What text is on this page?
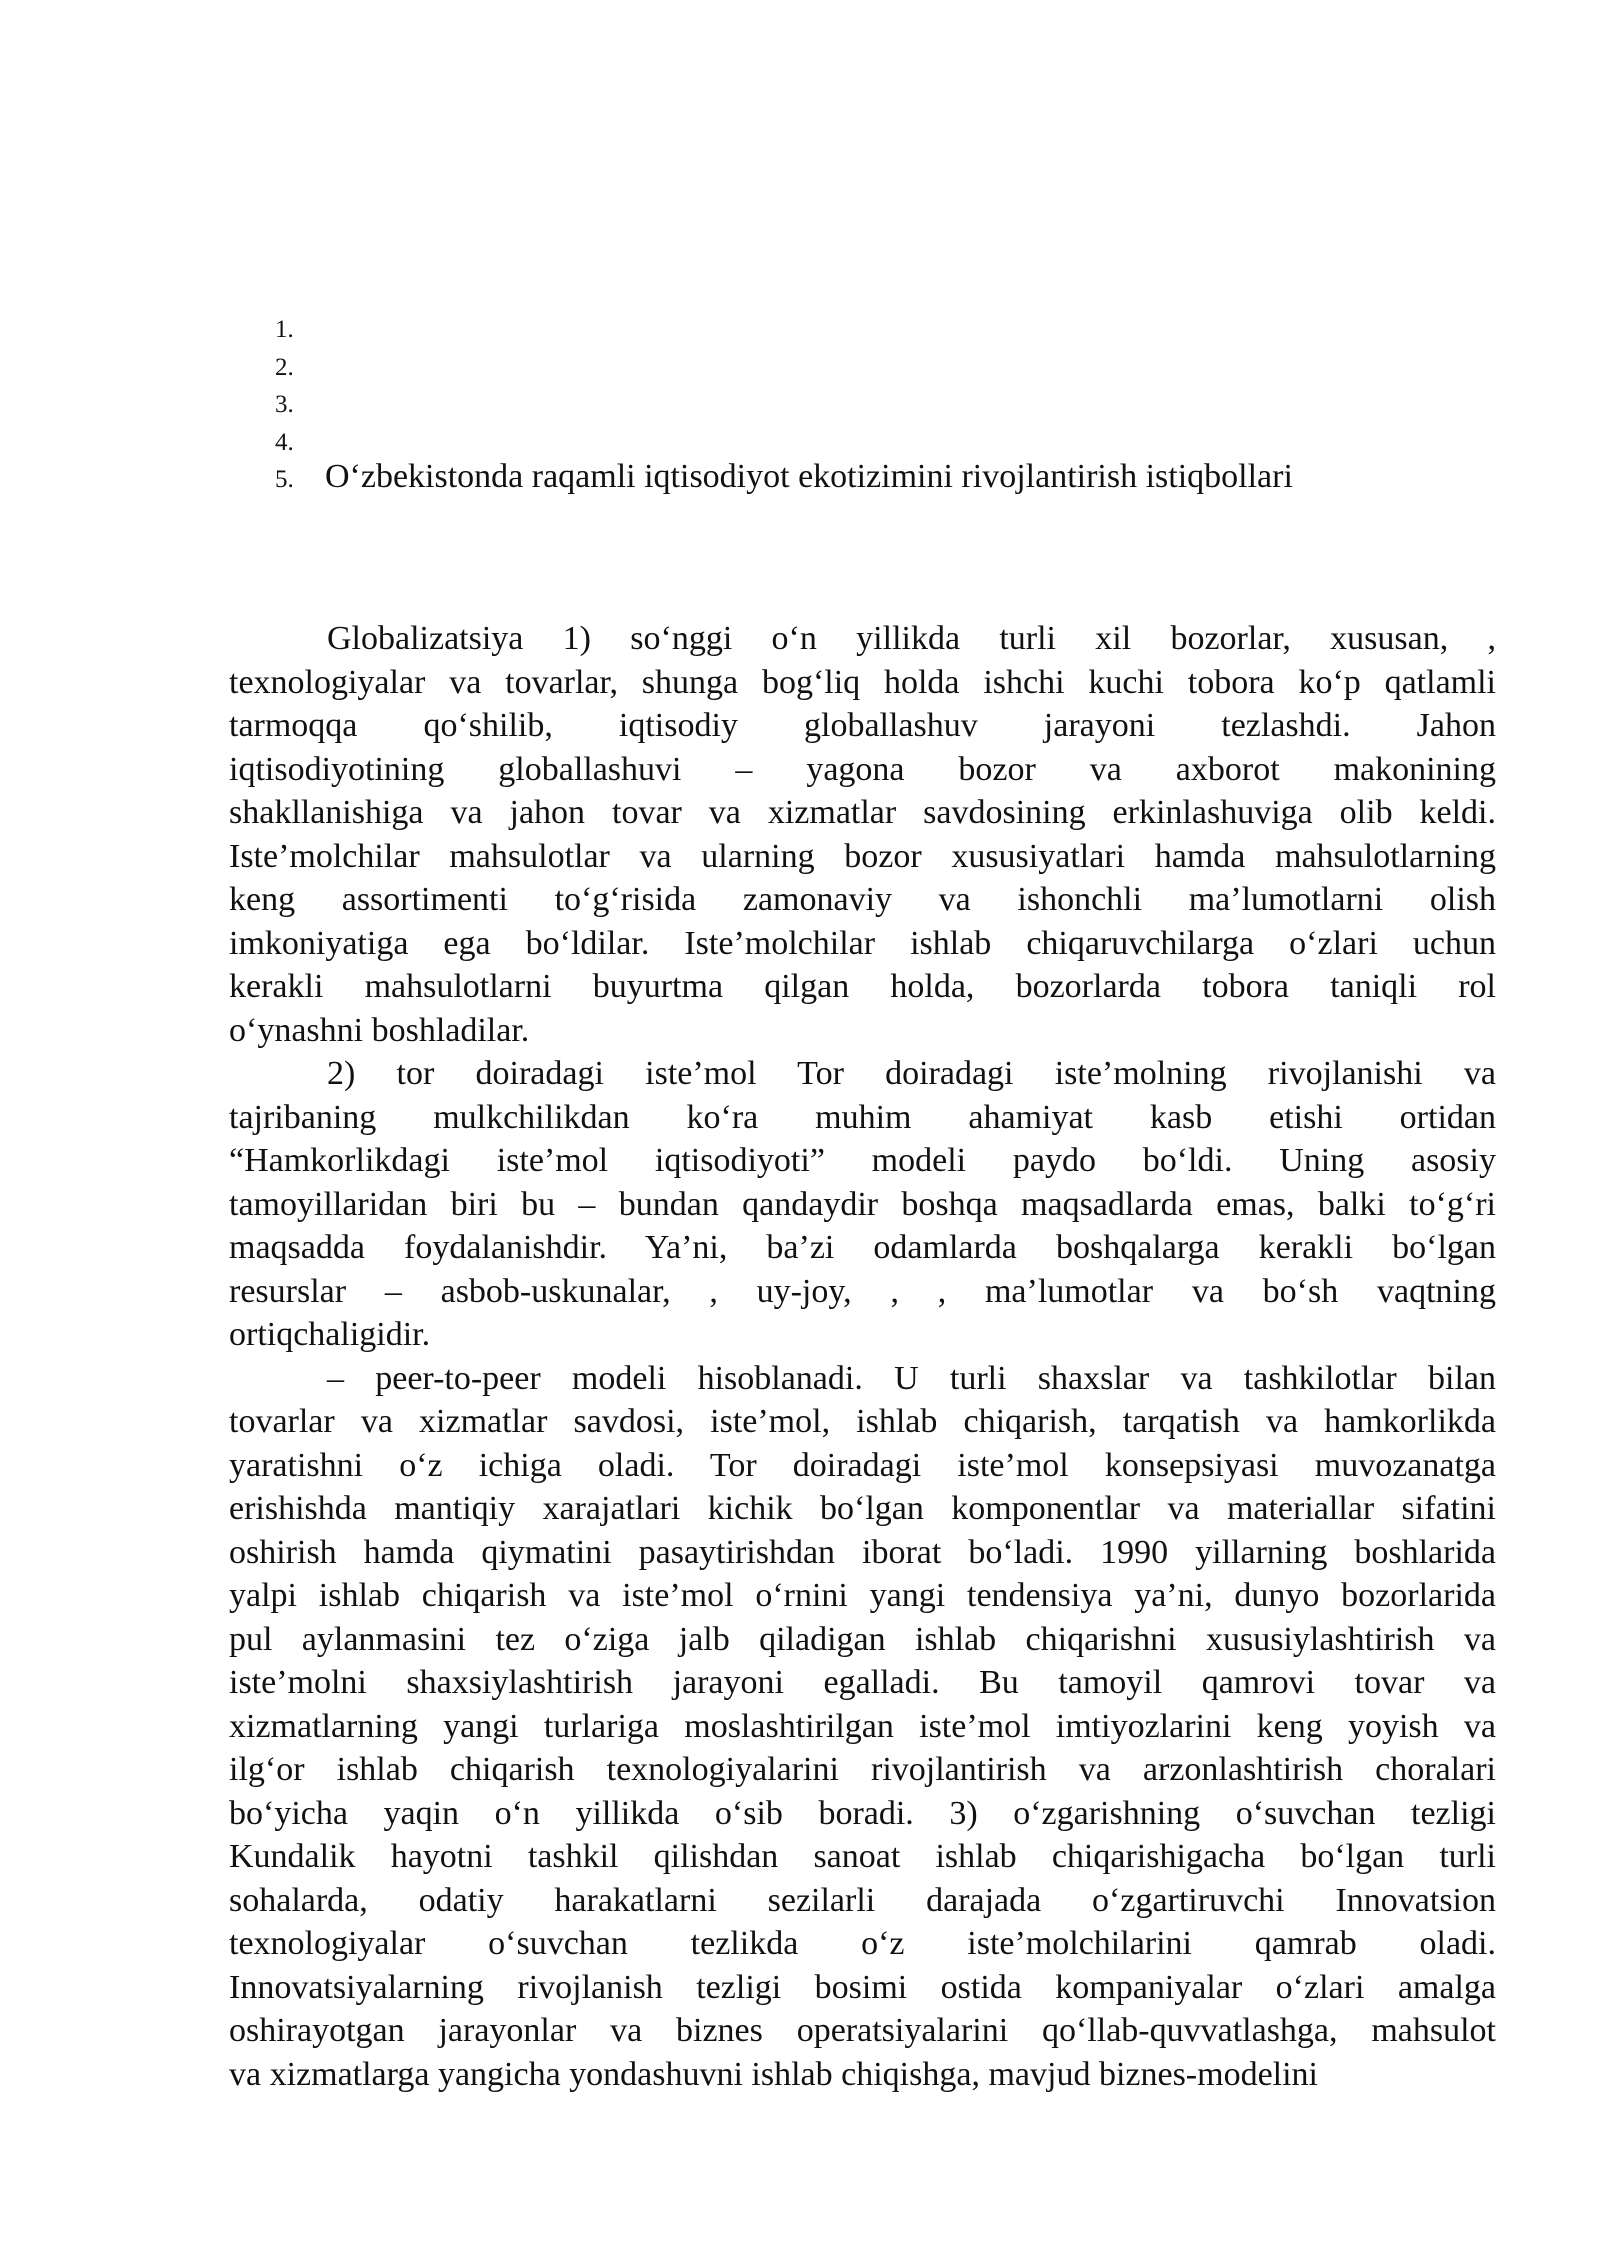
1.
2.
3.
4.
5. O‘zbekistonda raqamli iqtisodiyot ekotizimini rivojlantirish istiqbollari
Globalizatsiya 1) so‘nggi o‘n yillikda turli xil bozorlar, xususan, ,
texnologiyalar va tovarlar, shunga bog‘liq holda ishchi kuchi tobora ko‘p qatlamli
tarmoqqa qo‘shilib, iqtisodiy globallashuv jarayoni tezlashdi. Jahon
iqtisodiyotining globallashuvi – yagona bozor va axborot makonining
shakllanishiga va jahon tovar va xizmatlar savdosining erkinlashuviga olib keldi.
Iste’molchilar mahsulotlar va ularning bozor xususiyatlari hamda mahsulotlarning
keng assortimenti to‘g‘risida zamonaviy va ishonchli ma’lumotlarni olish
imkoniyatiga ega bo‘ldilar. Iste’molchilar ishlab chiqaruvchilarga o‘zlari uchun
kerakli mahsulotlarni buyurtma qilgan holda, bozorlarda tobora taniqli rol
o‘ynashni boshladilar.
2) tor doiradagi iste’mol Tor doiradagi iste’molning rivojlanishi va
tajribaning mulkchilikdan ko‘ra muhim ahamiyat kasb etishi ortidan
“Hamkorlikdagi iste’mol iqtisodiyoti” modeli paydo bo‘ldi. Uning asosiy
tamoyillaridan biri bu – bundan qandaydir boshqa maqsadlarda emas, balki to‘g‘ri
maqsadda foydalanishdir. Ya’ni, ba’zi odamlarda boshqalarga kerakli bo‘lgan
resurslar – asbob-uskunalar, , uy-joy, , , ma’lumotlar va bo‘sh vaqtning
ortiqchaligidir.
– peer-to-peer modeli hisoblanadi. U turli shaxslar va tashkilotlar bilan
tovarlar va xizmatlar savdosi, iste’mol, ishlab chiqarish, tarqatish va hamkorlikda
yaratishni o‘z ichiga oladi. Tor doiradagi iste’mol konsepsiyasi muvozanatga
erishishda mantiqiy xarajatlari kichik bo‘lgan komponentlar va materiallar sifatini
oshirish hamda qiymatini pasaytirishdan iborat bo‘ladi. 1990 yillarning boshlarida
yalpi ishlab chiqarish va iste’mol o‘rnini yangi tendensiya ya’ni, dunyo bozorlarida
pul aylanmasini tez o‘ziga jalb qiladigan ishlab chiqarishni xususiylashtirish va
iste’molni shaxsiylashtirish jarayoni egalladi. Bu tamoyil qamrovi tovar va
xizmatlarning yangi turlariga moslashtirilgan iste’mol imtiyozlarini keng yoyish va
ilg‘or ishlab chiqarish texnologiyalarini rivojlantirish va arzonlashtirish choralari
bo‘yicha yaqin o‘n yillikda o‘sib boradi. 3) o‘zgarishning o‘suvchan tezligi
Kundalik hayotni tashkil qilishdan sanoat ishlab chiqarishigacha bo‘lgan turli
sohalarda, odatiy harakatlarni sezilarli darajada o‘zgartiruvchi Innovatsion
texnologiyalar o‘suvchan tezlikda o‘z iste’molchilarini qamrab oladi.
Innovatsiyalarning rivojlanish tezligi bosimi ostida kompaniyalar o‘zlari amalga
oshirayotgan jarayonlar va biznes operatsiyalarini qo‘llab-quvvatlashga, mahsulot
va xizmatlarga yangicha yondashuvni ishlab chiqishga, mavjud biznes-modelini
